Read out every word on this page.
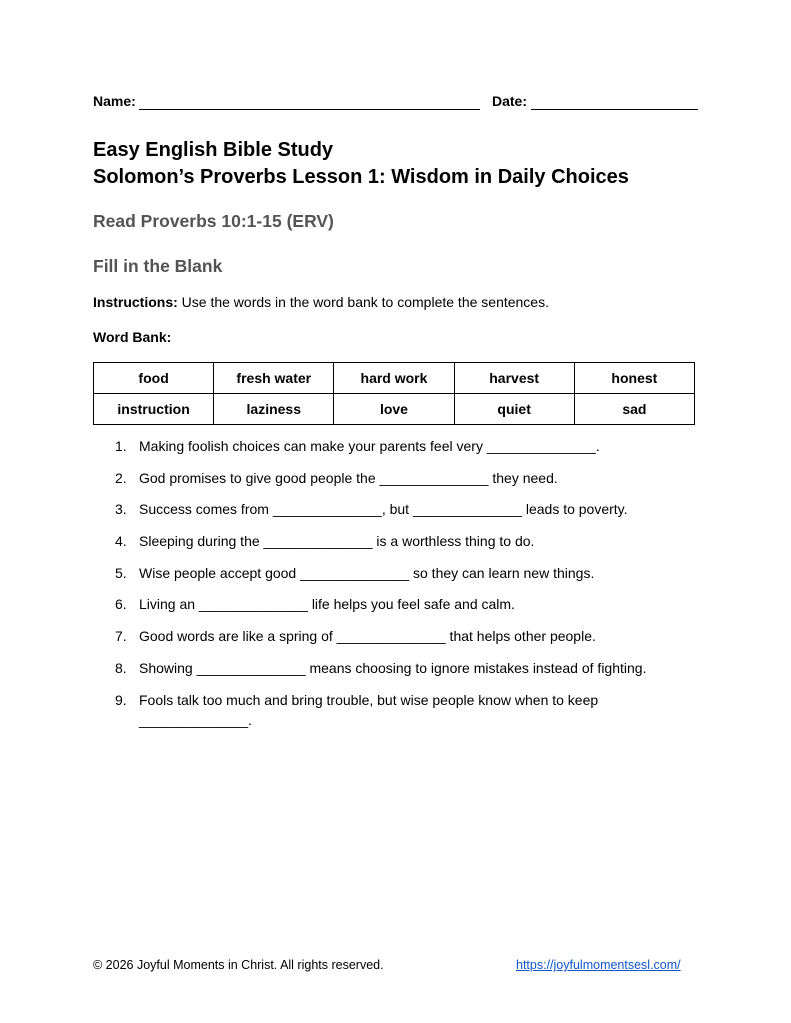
Name:	Date:
Easy English Bible Study
Solomon’s Proverbs Lesson 1: Wisdom in Daily Choices
Read Proverbs 10:1-15 (ERV)
Fill in the Blank
Instructions: Use the words in the word bank to complete the sentences.
Word Bank:
food	fresh water	hard work	harvest	honest
instruction	laziness	love	quiet	sad
1. Making foolish choices can make your parents feel very ______________.
2. God promises to give good people the ______________ they need.
3. Success comes from ______________, but ______________ leads to poverty.
4. Sleeping during the ______________ is a worthless thing to do.
5. Wise people accept good ______________ so they can learn new things.
6. Living an ______________ life helps you feel safe and calm.
7. Good words are like a spring of ______________ that helps other people.
8. Showing ______________ means choosing to ignore mistakes instead of fighting.
9. Fools talk too much and bring trouble, but wise people know when to keep ______________.
© 2026 Joyful Moments in Christ. All rights reserved.	https://joyfulmomentsesl.com/
